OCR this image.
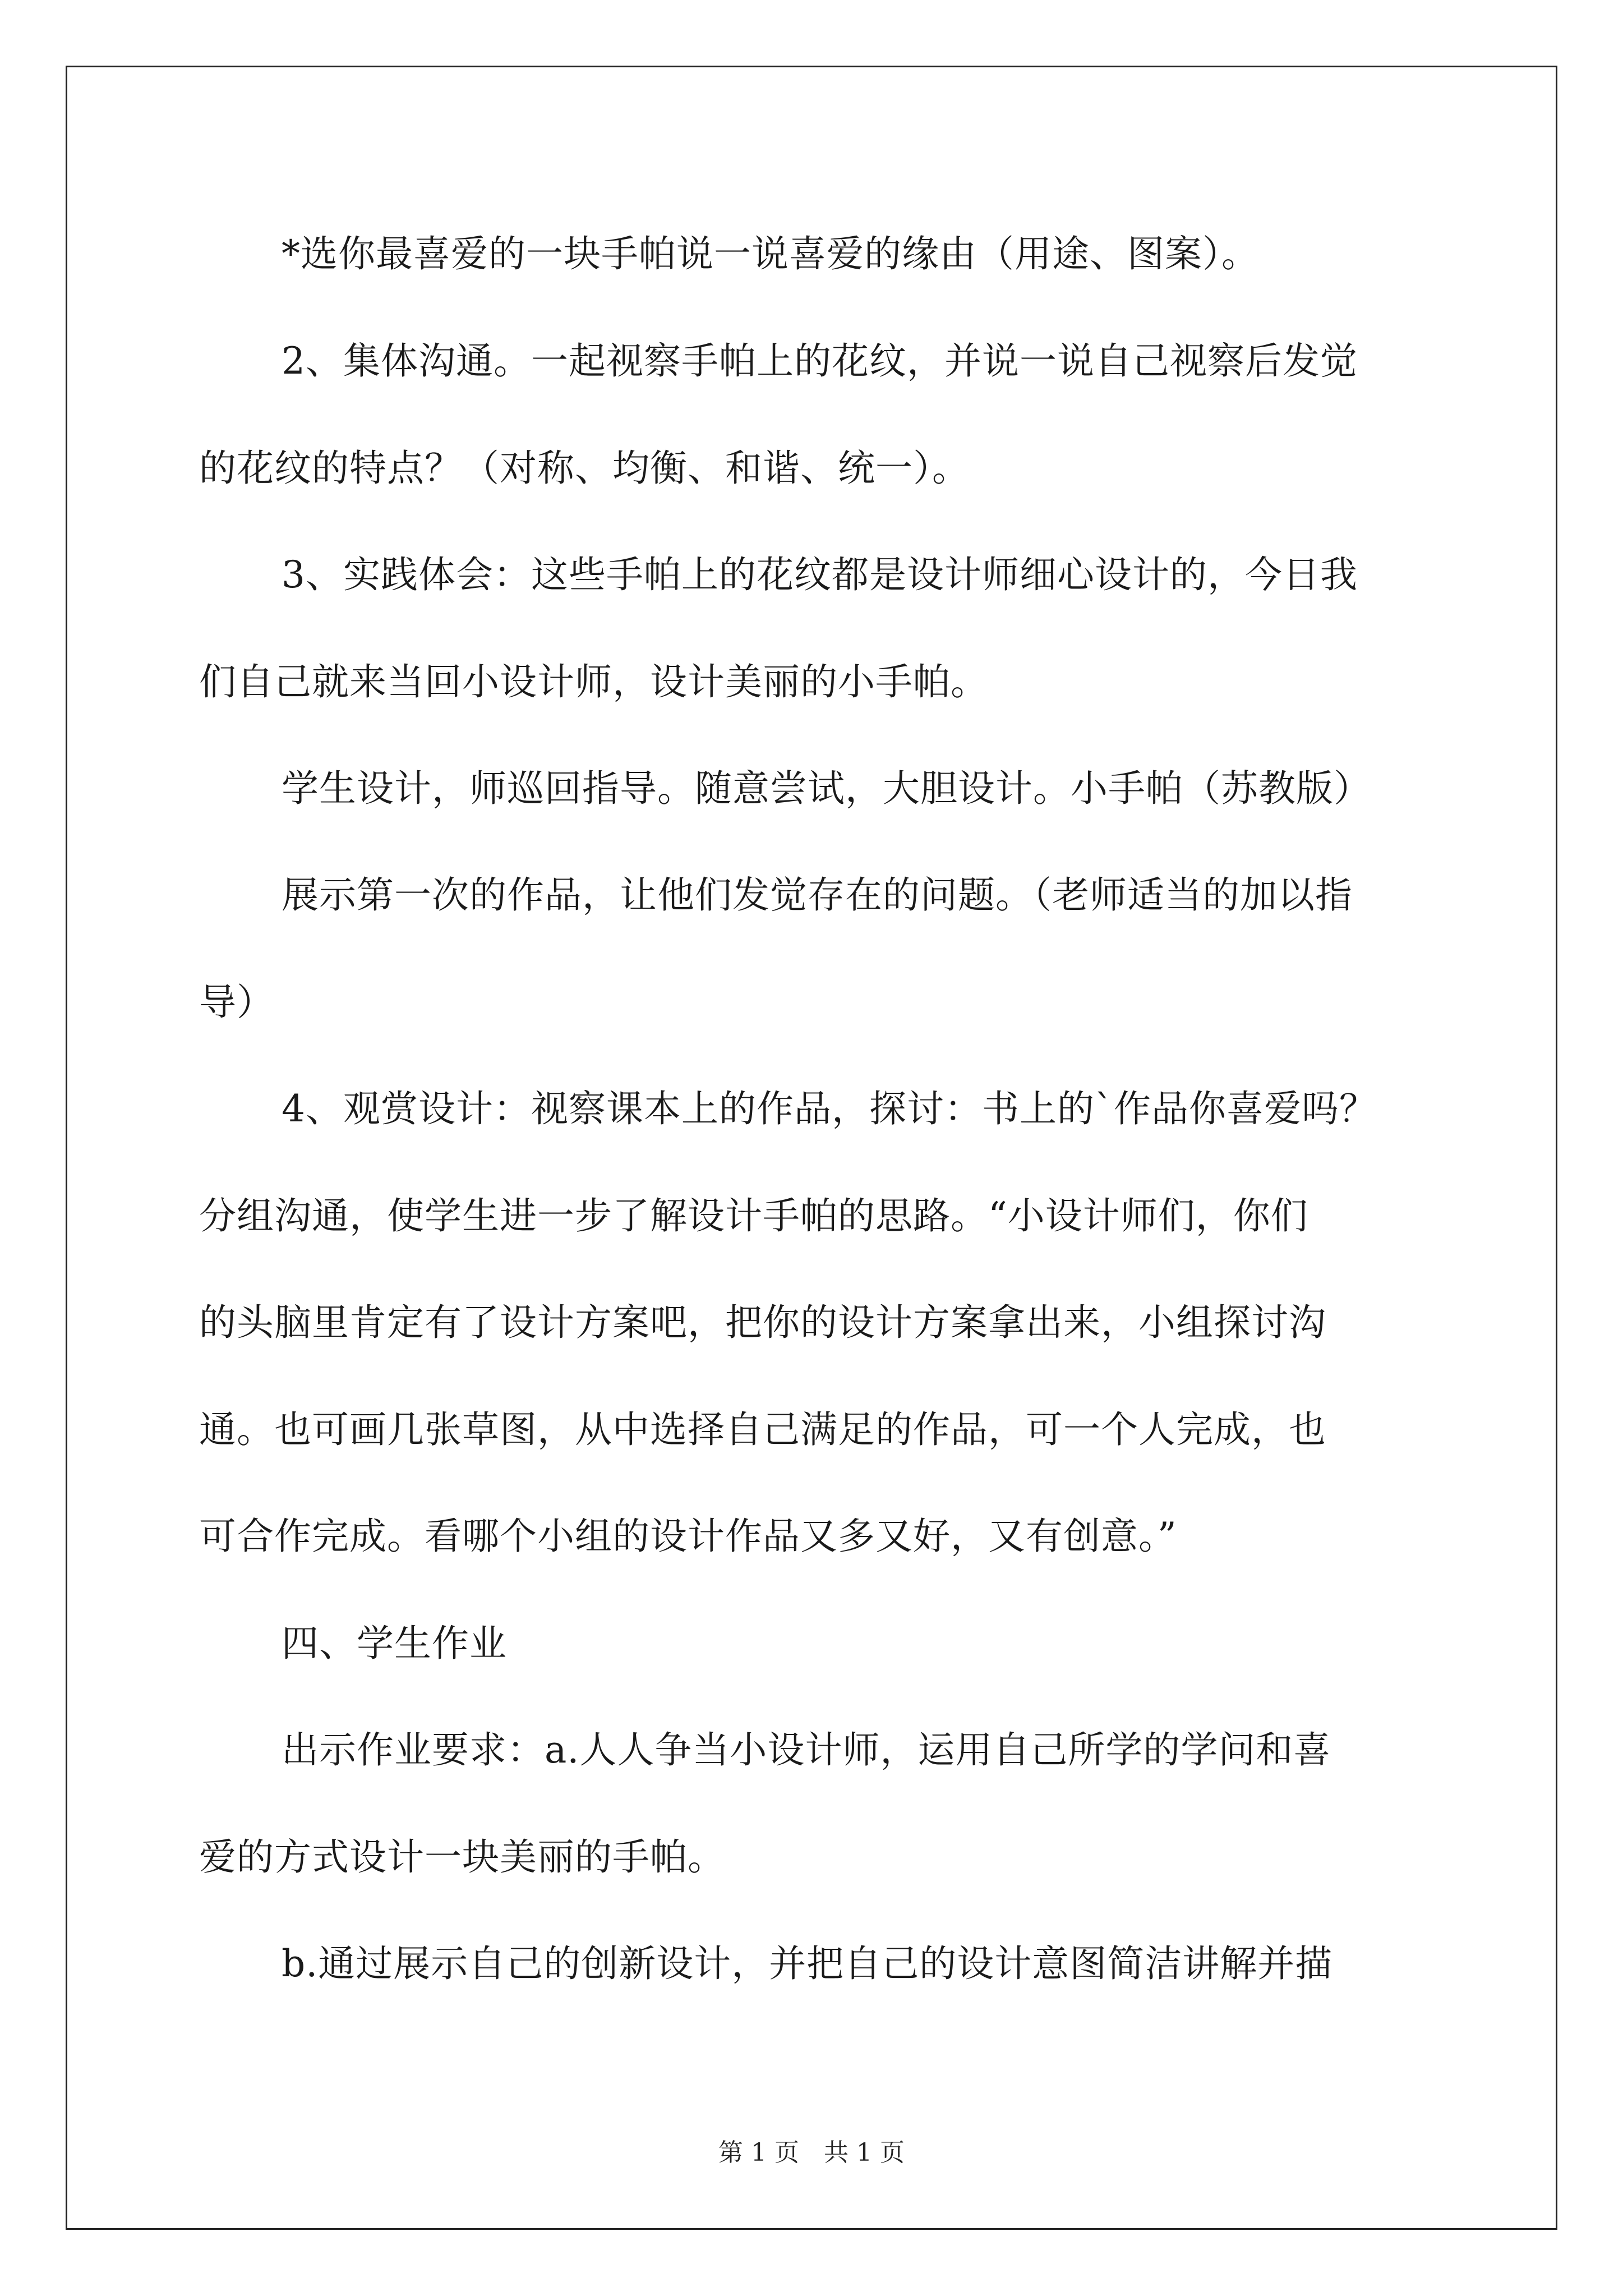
*选你最喜爱的一块手帕说一说喜爱的缘由（用途、图案）。
2、集体沟通。一起视察手帕上的花纹，并说一说自己视察后发觉
的花纹的特点？（对称、均衡、和谐、统一）。
3、实践体会：这些手帕上的花纹都是设计师细心设计的，今日我
们自己就来当回小设计师，设计美丽的小手帕。
学生设计，师巡回指导。随意尝试，大胆设计。小手帕（苏教版）
展示第一次的作品，让他们发觉存在的问题。（老师适当的加以指
导）
4、观赏设计：视察课本上的作品，探讨：书上的`作品你喜爱吗？
分组沟通，使学生进一步了解设计手帕的思路。“小设计师们，你们
的头脑里肯定有了设计方案吧，把你的设计方案拿出来，小组探讨沟
通。也可画几张草图，从中选择自己满足的作品，可一个人完成，也
可合作完成。看哪个小组的设计作品又多又好，又有创意。”
四、学生作业
出示作业要求：a.人人争当小设计师，运用自己所学的学问和喜
爱的方式设计一块美丽的手帕。
b.通过展示自己的创新设计，并把自己的设计意图简洁讲解并描
第 1 页　共 1 页
